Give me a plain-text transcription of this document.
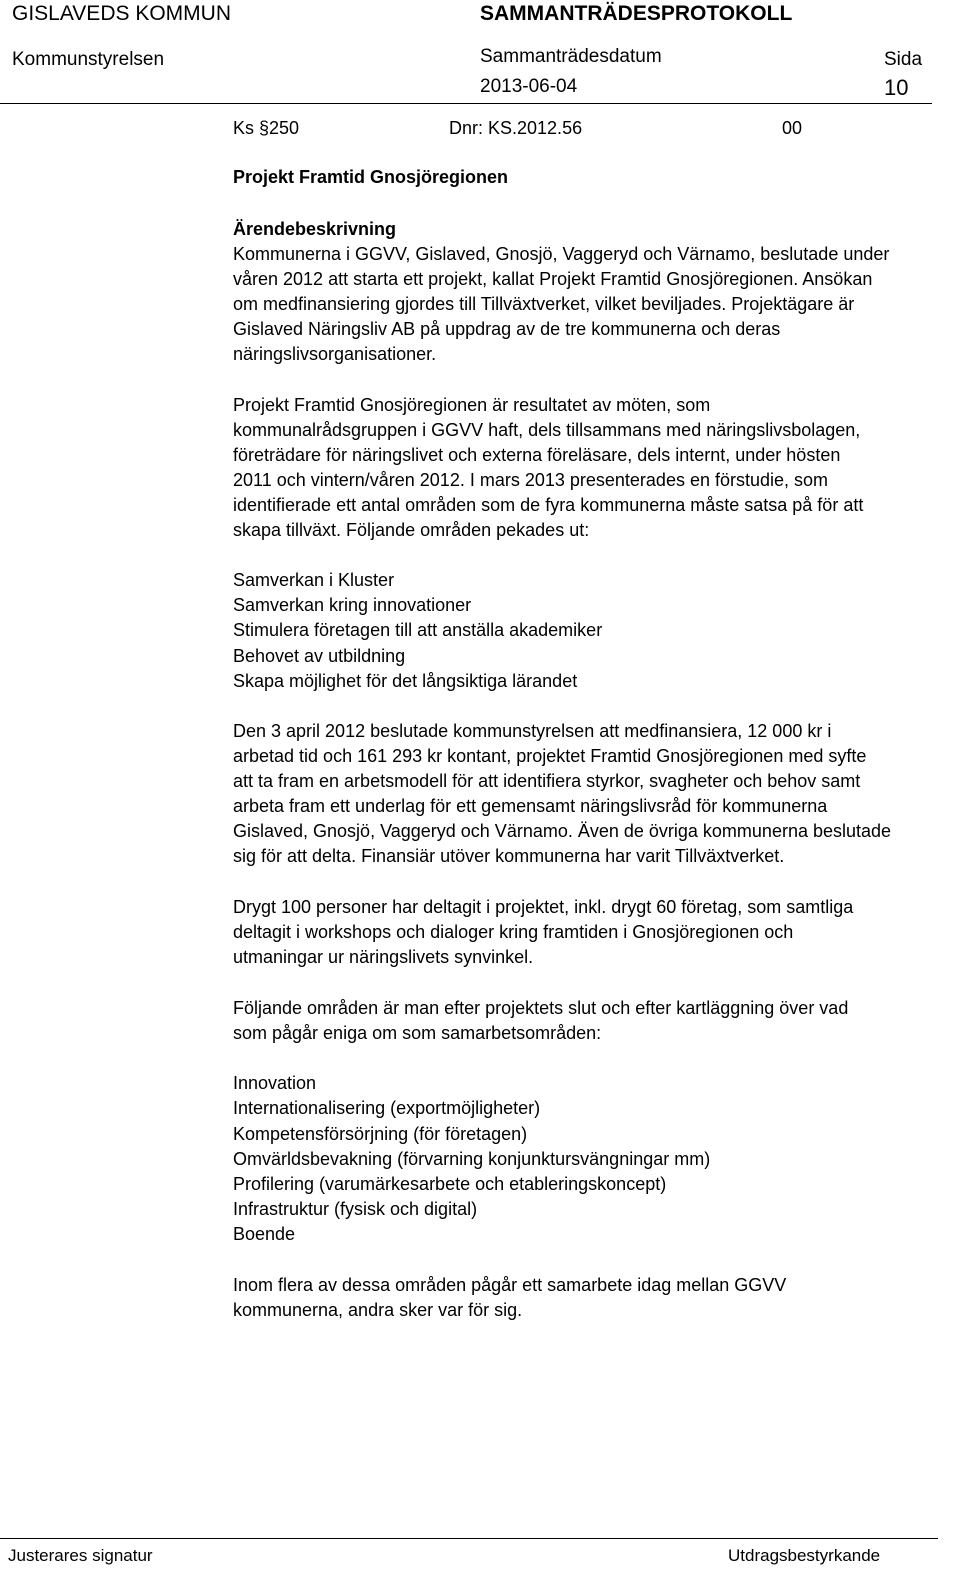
GISLAVEDS KOMMUN	SAMMANTRÄDESPROTOKOLL
Kommunstyrelsen	Sammanträdesdatum
2013-06-04
Sida
10
Ks §250	Dnr: KS.2012.56	00
Projekt Framtid Gnosjöregionen
Ärendebeskrivning
Kommunerna i GGVV, Gislaved, Gnosjö, Vaggeryd och Värnamo, beslutade under
våren 2012 att starta ett projekt, kallat Projekt Framtid Gnosjöregionen. Ansökan
om medfinansiering gjordes till Tillväxtverket, vilket beviljades. Projektägare är
Gislaved Näringsliv AB på uppdrag av de tre kommunerna och deras
näringslivsorganisationer.
Projekt Framtid Gnosjöregionen är resultatet av möten, som
kommunalrådsgruppen i GGVV haft, dels tillsammans med näringslivsbolagen,
företrädare för näringslivet och externa föreläsare, dels internt, under hösten
2011 och vintern/våren 2012. I mars 2013 presenterades en förstudie, som
identifierade ett antal områden som de fyra kommunerna måste satsa på för att
skapa tillväxt. Följande områden pekades ut:
Samverkan i Kluster
Samverkan kring innovationer
Stimulera företagen till att anställa akademiker
Behovet av utbildning
Skapa möjlighet för det långsiktiga lärandet
Den 3 april 2012 beslutade kommunstyrelsen att medfinansiera, 12 000 kr i
arbetad tid och 161 293 kr kontant, projektet Framtid Gnosjöregionen med syfte
att ta fram en arbetsmodell för att identifiera styrkor, svagheter och behov samt
arbeta fram ett underlag för ett gemensamt näringslivsråd för kommunerna
Gislaved, Gnosjö, Vaggeryd och Värnamo. Även de övriga kommunerna beslutade
sig för att delta. Finansiär utöver kommunerna har varit Tillväxtverket.
Drygt 100 personer har deltagit i projektet, inkl. drygt 60 företag, som samtliga
deltagit i workshops och dialoger kring framtiden i Gnosjöregionen och
utmaningar ur näringslivets synvinkel.
Följande områden är man efter projektets slut och efter kartläggning över vad
som pågår eniga om som samarbetsområden:
Innovation
Internationalisering (exportmöjligheter)
Kompetensförsörjning (för företagen)
Omvärldsbevakning (förvarning konjunktursvängningar mm)
Profilering (varumärkesarbete och etableringskoncept)
Infrastruktur (fysisk och digital)
Boende
Inom flera av dessa områden pågår ett samarbete idag mellan GGVV
kommunerna, andra sker var för sig.
Justerares signatur	Utdragsbestyrkande
